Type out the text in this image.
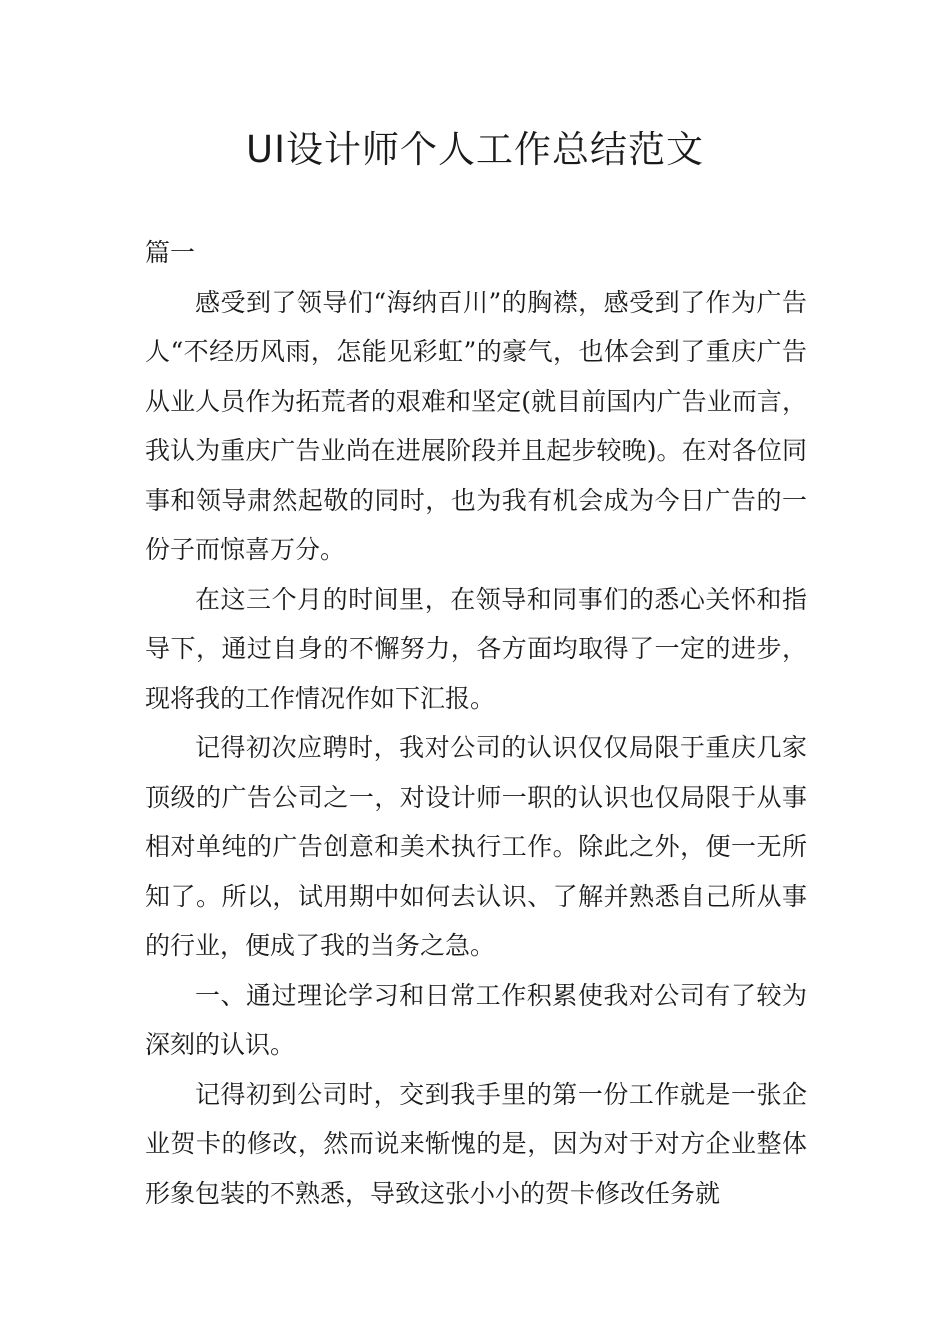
UI设计师个人工作总结范文

篇一

感受到了领导们“海纳百川”的胸襟，感受到了作为广告人“不经历风雨，怎能见彩虹”的豪气，也体会到了重庆广告从业人员作为拓荒者的艰难和坚定(就目前国内广告业而言，我认为重庆广告业尚在进展阶段并且起步较晚)。在对各位同事和领导肃然起敬的同时，也为我有机会成为今日广告的一份子而惊喜万分。

在这三个月的时间里，在领导和同事们的悉心关怀和指导下，通过自身的不懈努力，各方面均取得了一定的进步，现将我的工作情况作如下汇报。

记得初次应聘时，我对公司的认识仅仅局限于重庆几家顶级的广告公司之一，对设计师一职的认识也仅局限于从事相对单纯的广告创意和美术执行工作。除此之外，便一无所知了。所以，试用期中如何去认识、了解并熟悉自己所从事的行业，便成了我的当务之急。

一、通过理论学习和日常工作积累使我对公司有了较为深刻的认识。

记得初到公司时，交到我手里的第一份工作就是一张企业贺卡的修改，然而说来惭愧的是，因为对于对方企业整体形象包装的不熟悉，导致这张小小的贺卡修改任务就
